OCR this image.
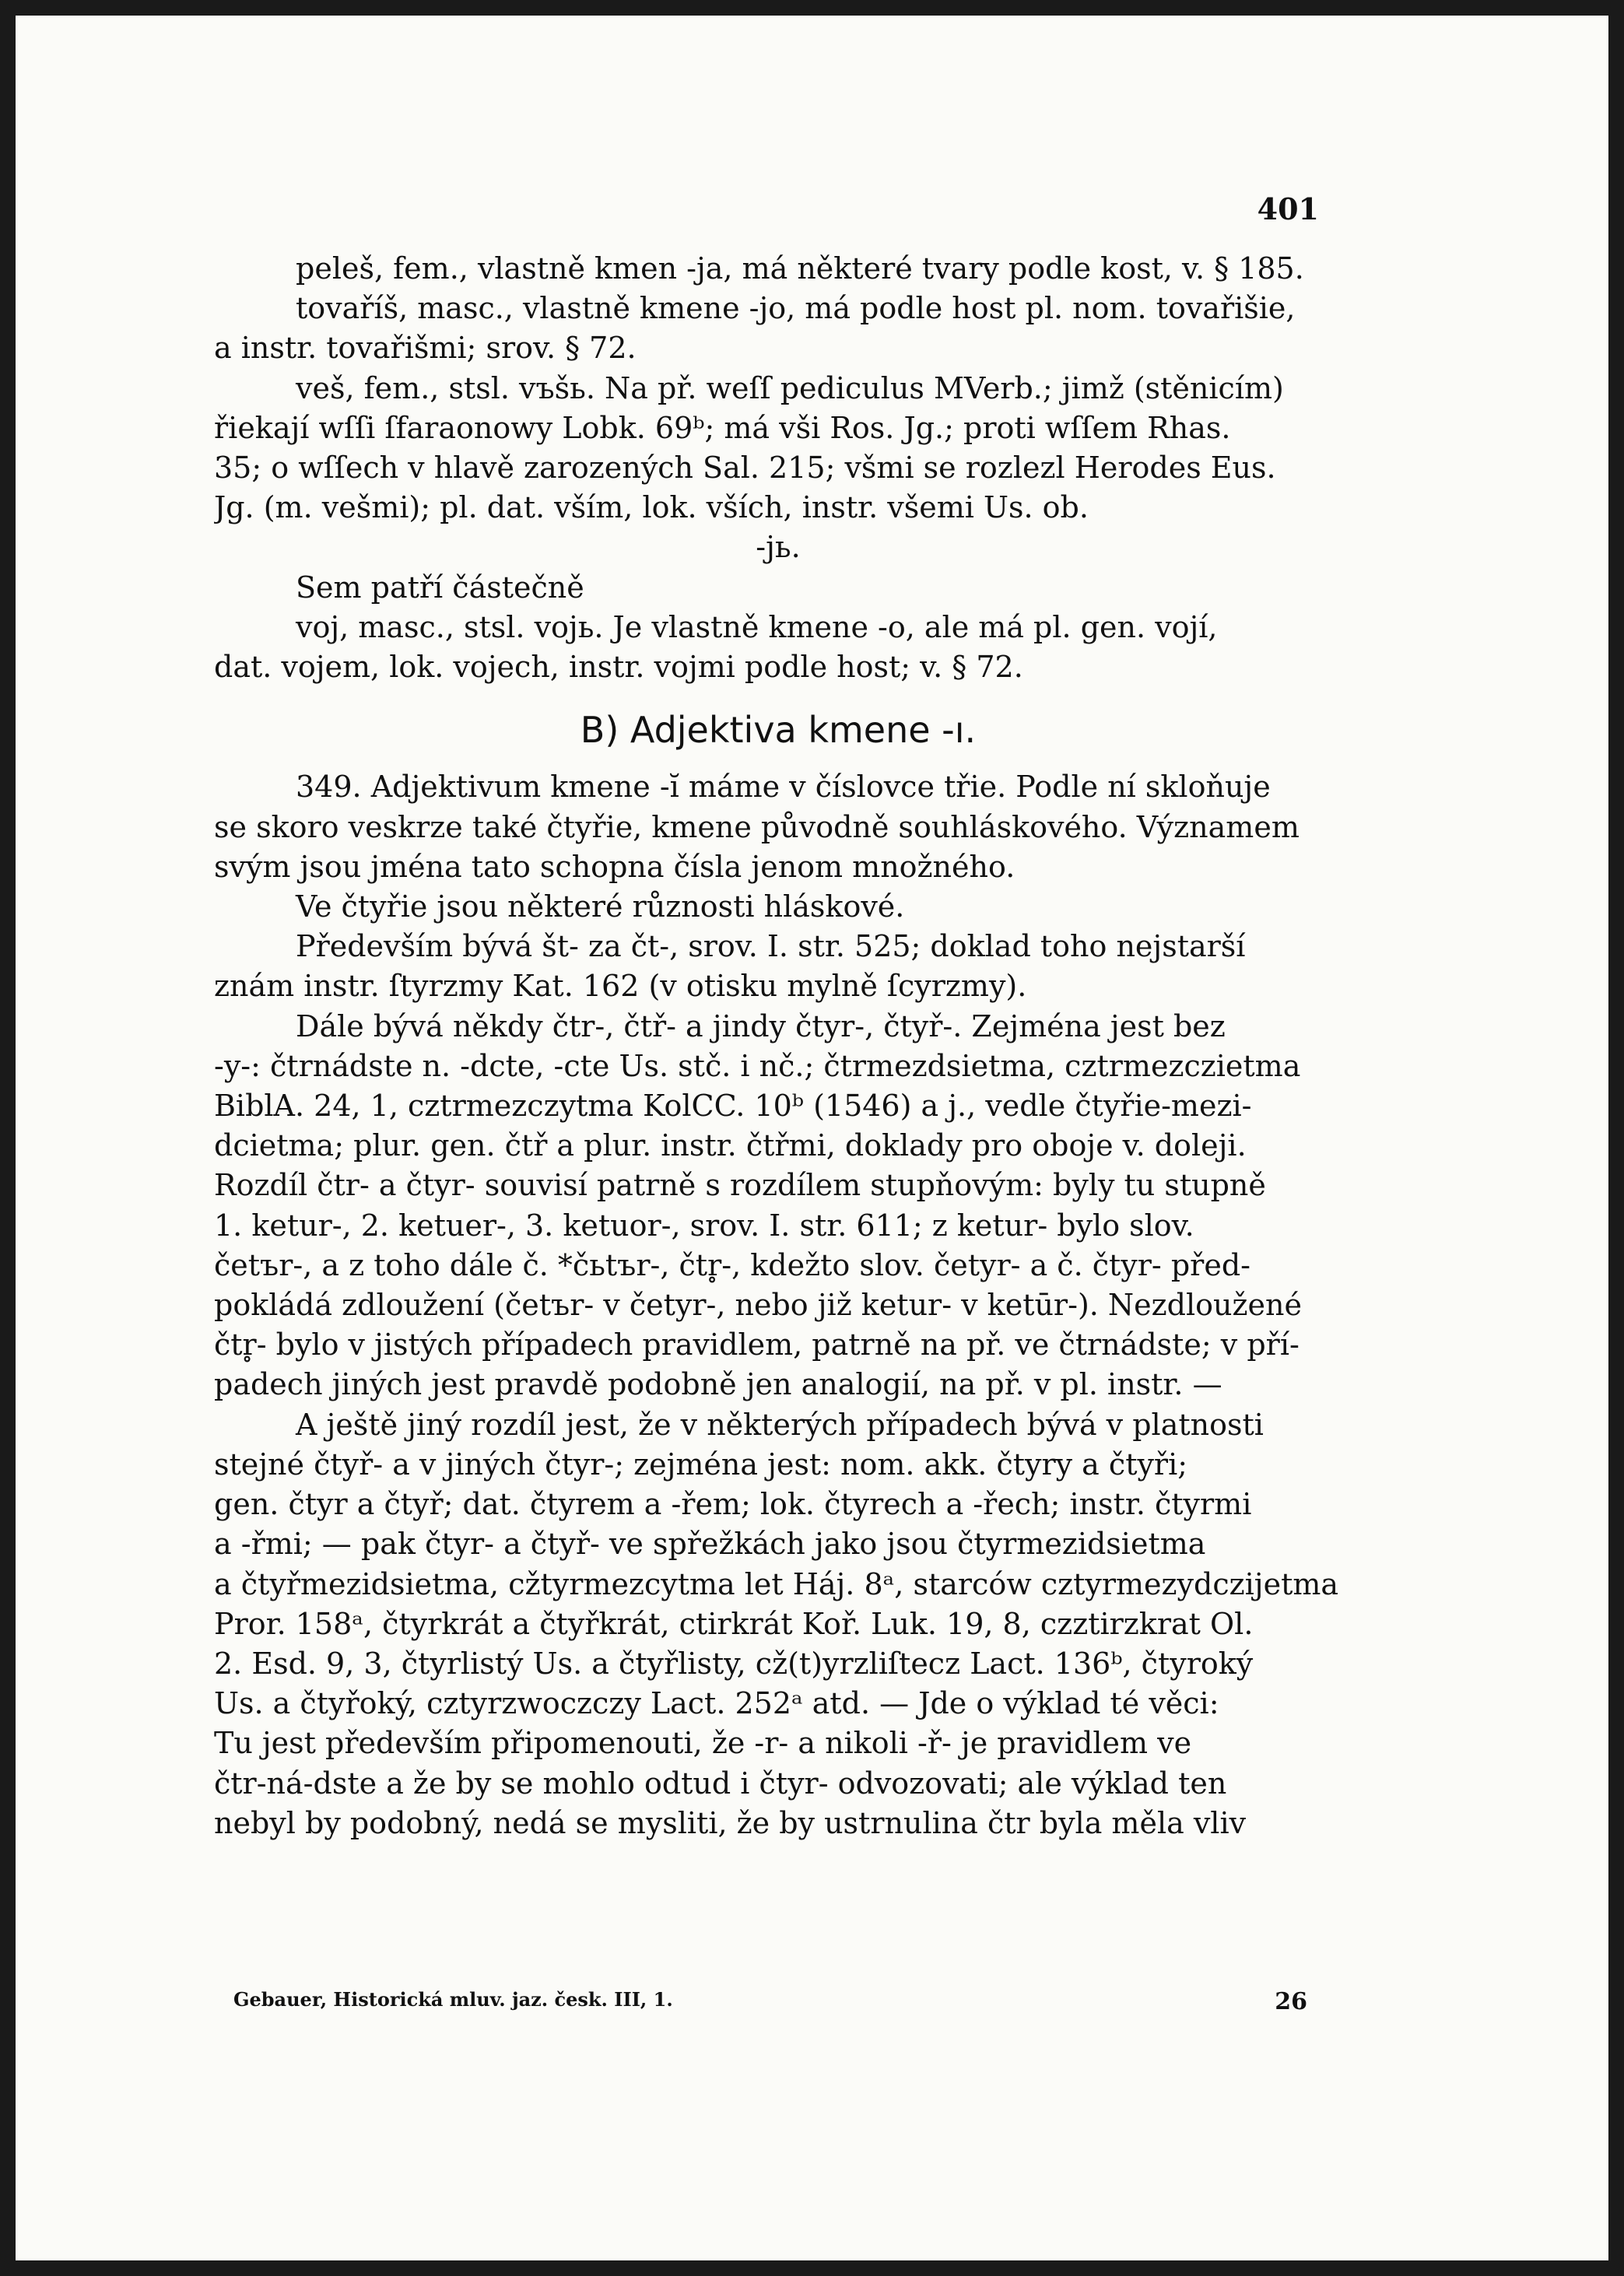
401
peleš, fem., vlastně kmen -ja, má některé tvary podle kost, v. § 185.
tovaříš, masc., vlastně kmene -jo, má podle host pl. nom. tovařišie,
a instr. tovařišmi; srov. § 72.
veš, fem., stsl. vъšь. Na př. weſſ pediculus MVerb.; jimž (stěnicím)
řiekají wſſi ſfaraonowy Lobk. 69ᵇ; má vši Ros. Jg.; proti wſſem Rhas.
35; o wſſech v hlavě zarozených Sal. 215; všmi se rozlezl Herodes Eus.
Jg. (m. vešmi); pl. dat. vším, lok. vších, instr. všemi Us. ob.
-jь.
Sem patří částečně
voj, masc., stsl. vojь. Je vlastně kmene -o, ale má pl. gen. vojí,
dat. vojem, lok. vojech, instr. vojmi podle host; v. § 72.
B) Adjektiva kmene -ı.
349. Adjektivum kmene -ĭ máme v číslovce třie. Podle ní skloňuje
se skoro veskrze také čtyřie, kmene původně souhláskového. Významem
svým jsou jména tato schopna čísla jenom množného.
Ve čtyřie jsou některé různosti hláskové.
Především bývá št- za čt-, srov. I. str. 525; doklad toho nejstarší
znám instr. ſtyrzmy Kat. 162 (v otisku mylně ſcyrzmy).
Dále bývá někdy čtr-, čtř- a jindy čtyr-, čtyř-. Zejména jest bez
-y-: čtrnádste n. -dcte, -cte Us. stč. i nč.; čtrmezdsietma, cztrmezczietma
BiblA. 24, 1, cztrmezczytma KolCC. 10ᵇ (1546) a j., vedle čtyřie-mezi-
dcietma; plur. gen. čtř a plur. instr. čtřmi, doklady pro oboje v. doleji.
Rozdíl čtr- a čtyr- souvisí patrně s rozdílem stupňovým: byly tu stupně
1. ketur-, 2. ketuer-, 3. ketuor-, srov. I. str. 611; z ketur- bylo slov.
četъr-, a z toho dále č. *čьtъr-, čtr̥-, kdežto slov. četyr- a č. čtyr- před-
pokládá zdloužení (četъr- v četyr-, nebo již ketur- v ketūr-). Nezdloužené
čtr̥- bylo v jistých případech pravidlem, patrně na př. ve čtrnádste; v pří-
padech jiných jest pravdě podobně jen analogií, na př. v pl. instr. —
A ještě jiný rozdíl jest, že v některých případech bývá v platnosti
stejné čtyř- a v jiných čtyr-; zejména jest: nom. akk. čtyry a čtyři;
gen. čtyr a čtyř; dat. čtyrem a -řem; lok. čtyrech a -řech; instr. čtyrmi
a -řmi; — pak čtyr- a čtyř- ve spřežkách jako jsou čtyrmezidsietma
a čtyřmezidsietma, cžtyrmezcytma let Háj. 8ᵃ, starców cztyrmezydczijetma
Pror. 158ᵃ, čtyrkrát a čtyřkrát, ctirkrát Koř. Luk. 19, 8, czztirzkrat Ol.
2. Esd. 9, 3, čtyrlistý Us. a čtyřlisty, cž(t)yrzliſtecz Lact. 136ᵇ, čtyroký
Us. a čtyřoký, cztyrzwoczczy Lact. 252ᵃ atd. — Jde o výklad té věci:
Tu jest především připomenouti, že -r- a nikoli -ř- je pravidlem ve
čtr-ná-dste a že by se mohlo odtud i čtyr- odvozovati; ale výklad ten
nebyl by podobný, nedá se mysliti, že by ustrnulina čtr byla měla vliv
Gebauer, Historická mluv. jaz. česk. III, 1.	26
